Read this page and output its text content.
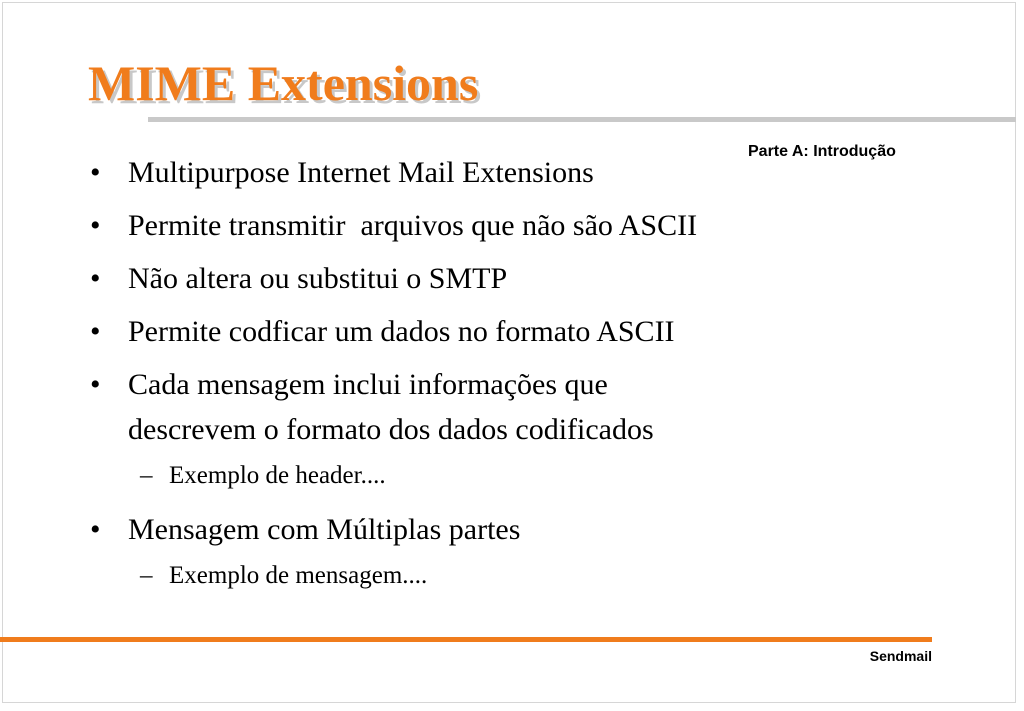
MIME Extensions
Parte A: Introdução
• Multipurpose Internet Mail Extensions
• Permite transmitir  arquivos que não são ASCII
• Não altera ou substitui o SMTP
• Permite codficar um dados no formato ASCII
• Cada mensagem inclui informações que
descrevem o formato dos dados codificados
– Exemplo de header....
• Mensagem com Múltiplas partes
– Exemplo de mensagem....
Sendmail
